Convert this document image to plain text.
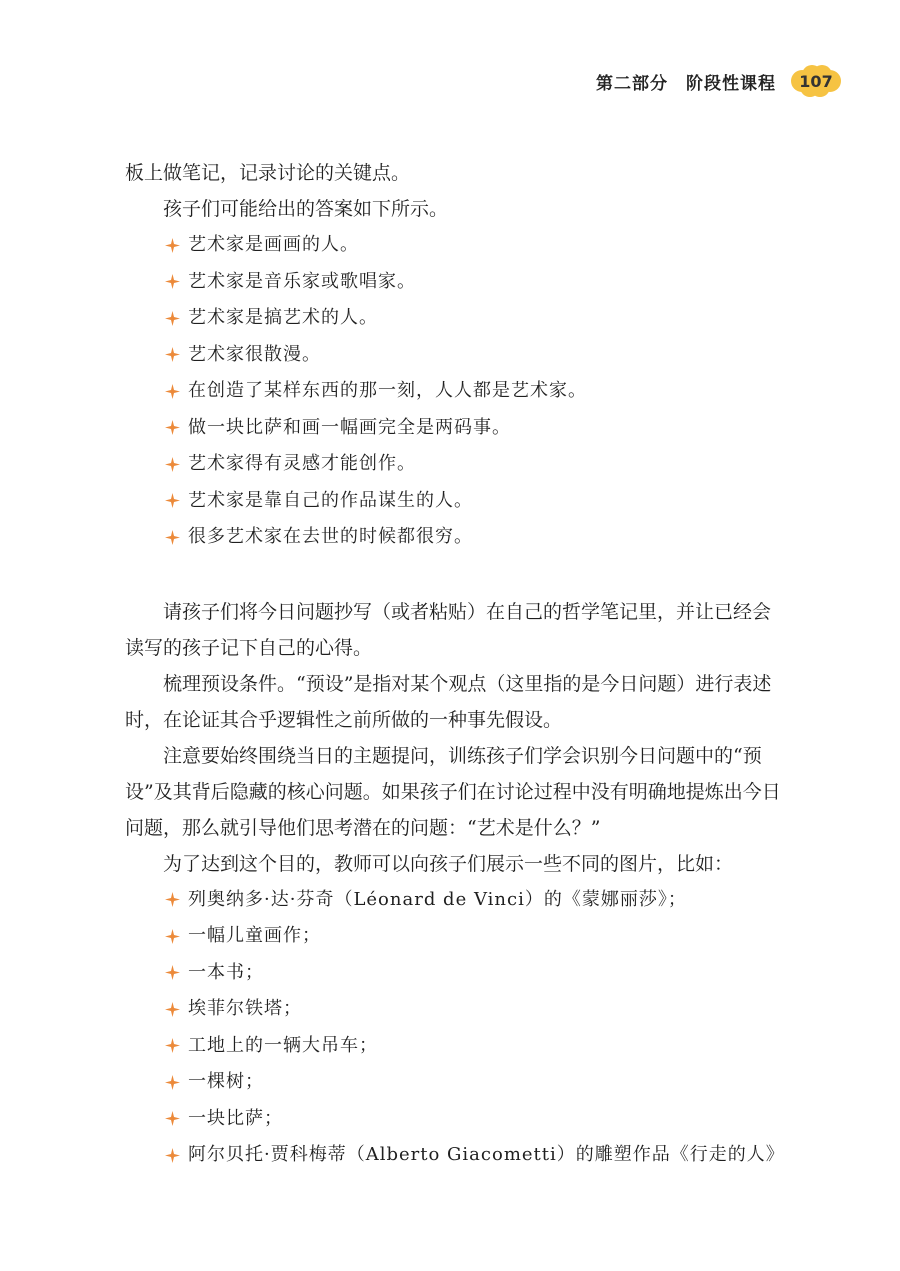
第二部分 阶段性课程	107

板上做笔记，记录讨论的关键点。

孩子们可能给出的答案如下所示。

艺术家是画画的人。
艺术家是音乐家或歌唱家。
艺术家是搞艺术的人。
艺术家很散漫。
在创造了某样东西的那一刻，人人都是艺术家。
做一块比萨和画一幅画完全是两码事。
艺术家得有灵感才能创作。
艺术家是靠自己的作品谋生的人。
很多艺术家在去世的时候都很穷。

请孩子们将今日问题抄写（或者粘贴）在自己的哲学笔记里，并让已经会读写的孩子记下自己的心得。

梳理预设条件。“预设”是指对某个观点（这里指的是今日问题）进行表述时，在论证其合乎逻辑性之前所做的一种事先假设。

注意要始终围绕当日的主题提问，训练孩子们学会识别今日问题中的“预设”及其背后隐藏的核心问题。如果孩子们在讨论过程中没有明确地提炼出今日问题，那么就引导他们思考潜在的问题：“艺术是什么？”

为了达到这个目的，教师可以向孩子们展示一些不同的图片，比如：

列奥纳多·达·芬奇（Léonard de Vinci）的《蒙娜丽莎》；
一幅儿童画作；
一本书；
埃菲尔铁塔；
工地上的一辆大吊车；
一棵树；
一块比萨；
阿尔贝托·贾科梅蒂（Alberto Giacometti）的雕塑作品《行走的人》
